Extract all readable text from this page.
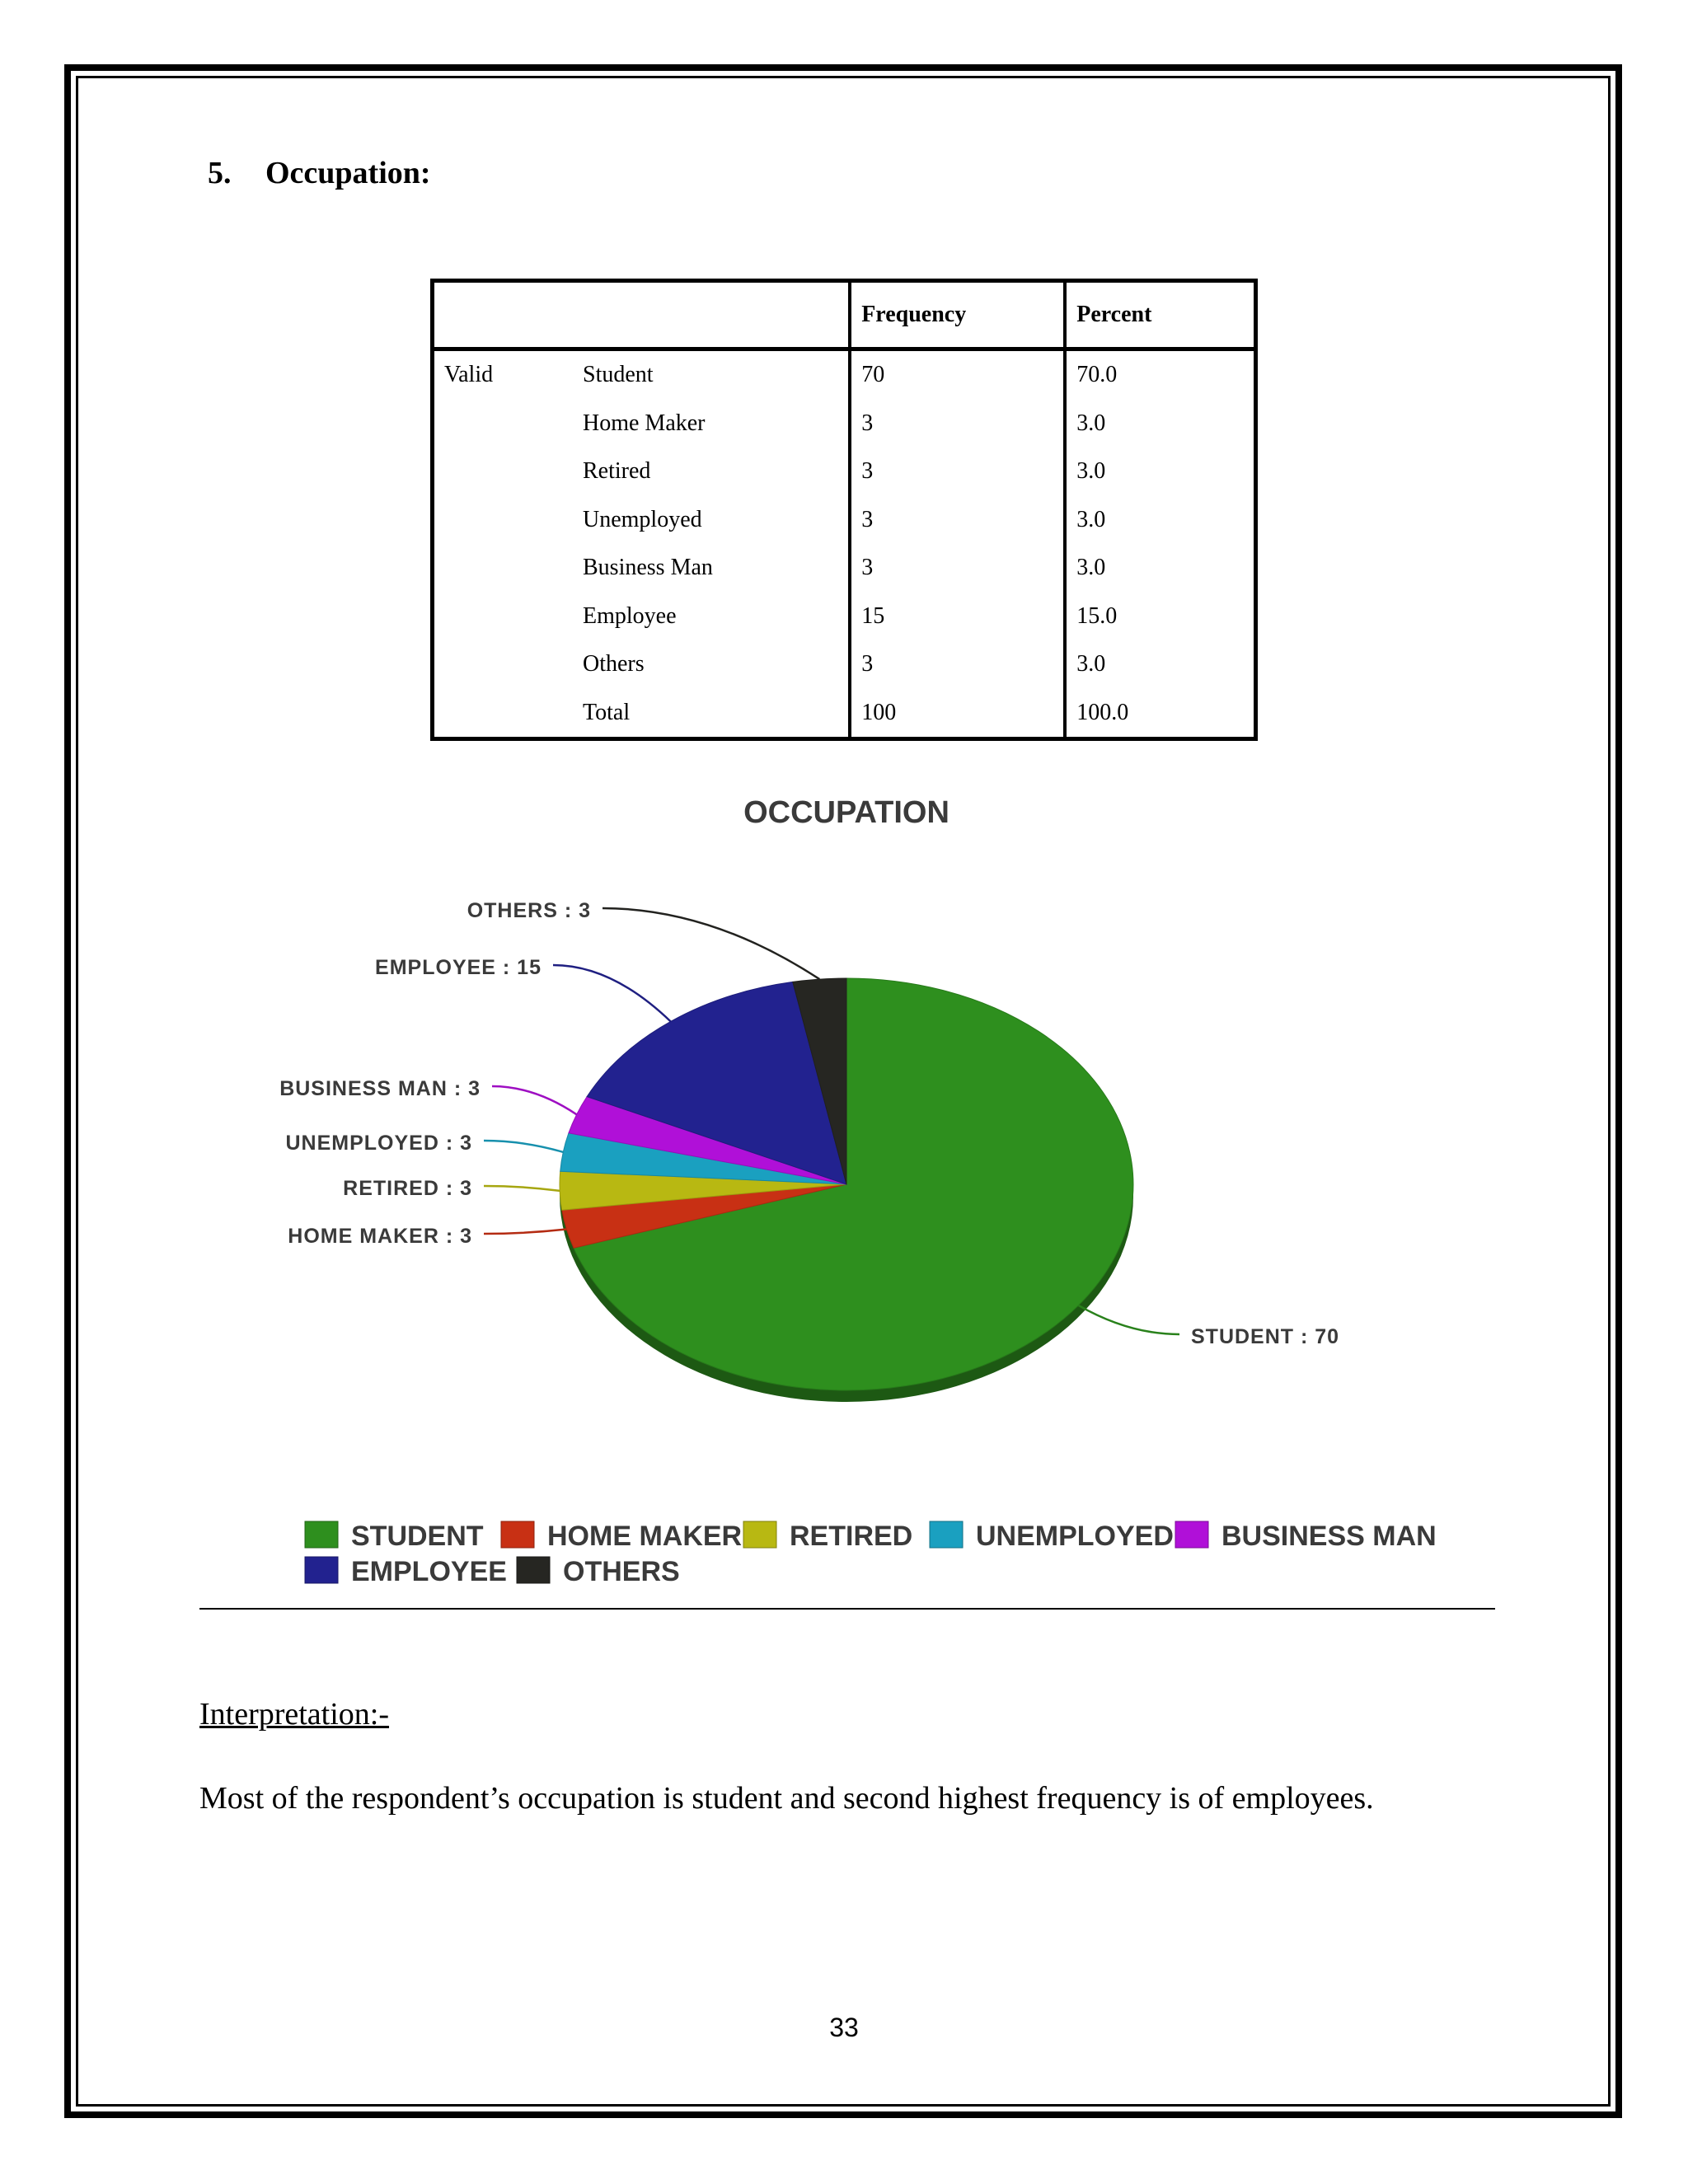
5. Occupation:
		Frequency	Percent
Valid	Student	70	70.0
	Home Maker	3	3.0
	Retired	3	3.0
	Unemployed	3	3.0
	Business Man	3	3.0
	Employee	15	15.0
	Others	3	3.0
	Total	100	100.0
OCCUPATION
STUDENT : 70
HOME MAKER : 3
RETIRED : 3
UNEMPLOYED : 3
BUSINESS MAN : 3
EMPLOYEE : 15
OTHERS : 3
STUDENT HOME MAKER RETIRED UNEMPLOYED BUSINESS MAN
EMPLOYEE OTHERS
Interpretation:-
Most of the respondent’s occupation is student and second highest frequency is of employees.
33
